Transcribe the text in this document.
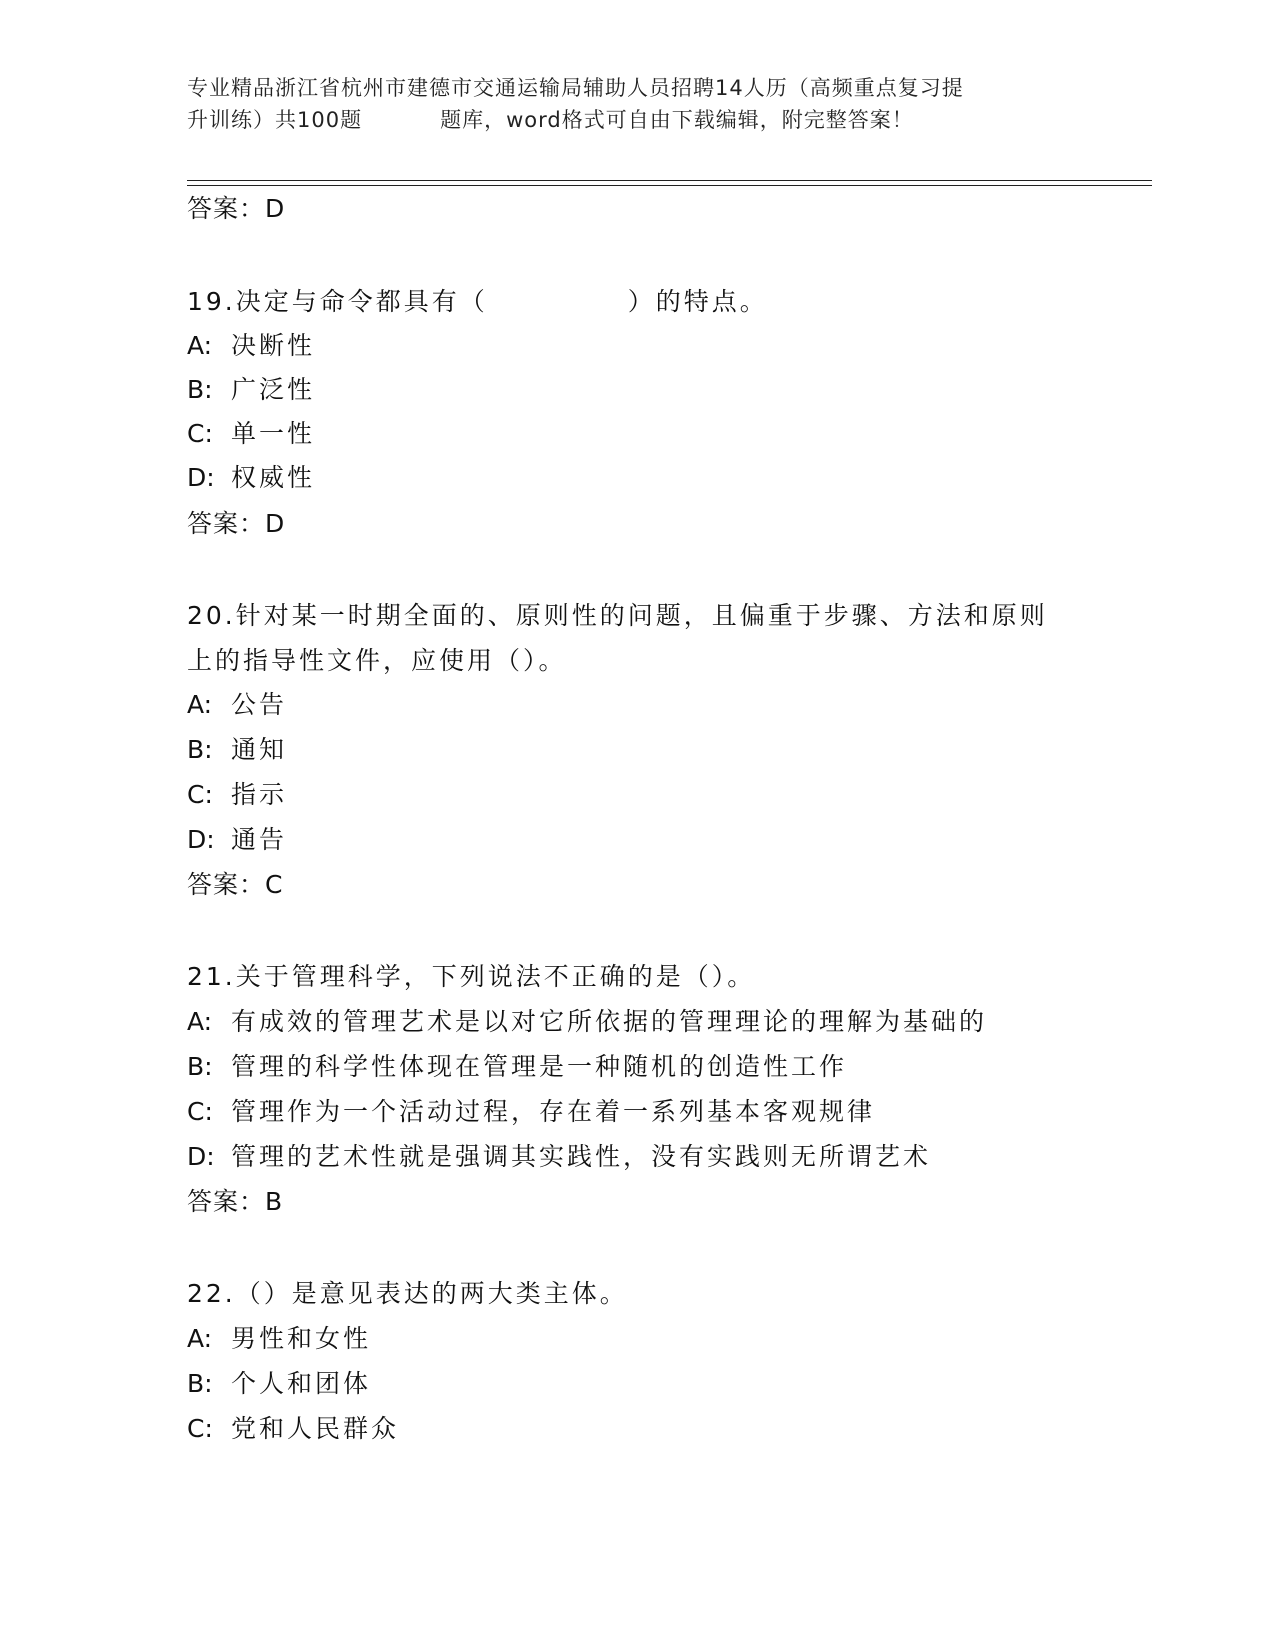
专业精品浙江省杭州市建德市交通运输局辅助人员招聘14人历（高频重点复习提
升训练）共100题	题库，word格式可自由下载编辑，附完整答案！
答案：D
19.决定与命令都具有（　　　　　）的特点。
A: 决断性
B: 广泛性
C: 单一性
D: 权威性
答案：D
20.针对某一时期全面的、原则性的问题，且偏重于步骤、方法和原则
上的指导性文件，应使用（）。
A: 公告
B: 通知
C: 指示
D: 通告
答案：C
21.关于管理科学，下列说法不正确的是（）。
A: 有成效的管理艺术是以对它所依据的管理理论的理解为基础的
B: 管理的科学性体现在管理是一种随机的创造性工作
C: 管理作为一个活动过程，存在着一系列基本客观规律
D: 管理的艺术性就是强调其实践性，没有实践则无所谓艺术
答案：B
22.（）是意见表达的两大类主体。
A: 男性和女性
B: 个人和团体
C: 党和人民群众
